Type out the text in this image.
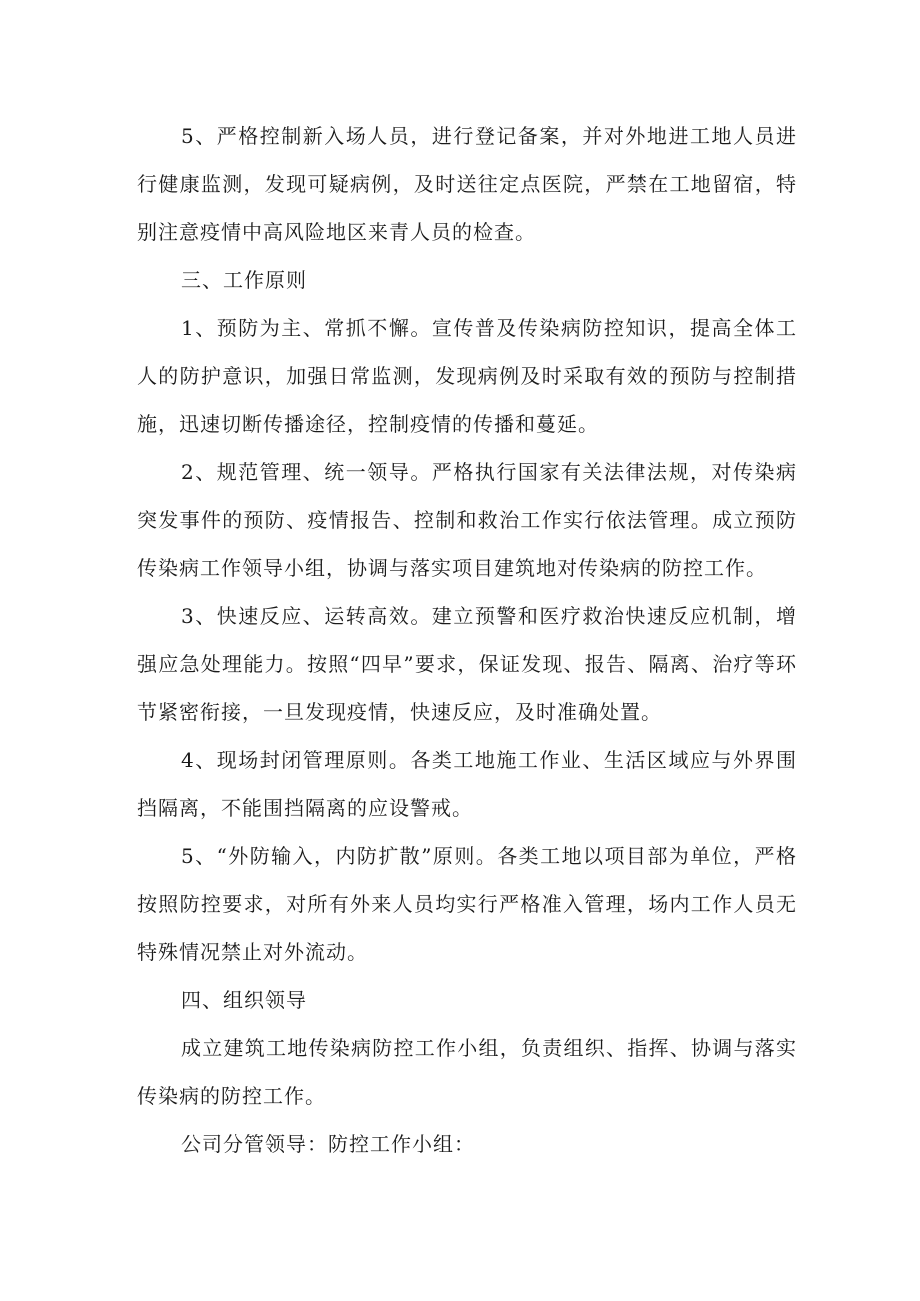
5、严格控制新入场人员，进行登记备案，并对外地进工地人员进行健康监测，发现可疑病例，及时送往定点医院，严禁在工地留宿，特别注意疫情中高风险地区来青人员的检查。

三、工作原则

1、预防为主、常抓不懈。宣传普及传染病防控知识，提高全体工人的防护意识，加强日常监测，发现病例及时采取有效的预防与控制措施，迅速切断传播途径，控制疫情的传播和蔓延。

2、规范管理、统一领导。严格执行国家有关法律法规，对传染病突发事件的预防、疫情报告、控制和救治工作实行依法管理。成立预防传染病工作领导小组，协调与落实项目建筑地对传染病的防控工作。

3、快速反应、运转高效。建立预警和医疗救治快速反应机制，增强应急处理能力。按照“四早”要求，保证发现、报告、隔离、治疗等环节紧密衔接，一旦发现疫情，快速反应，及时准确处置。

4、现场封闭管理原则。各类工地施工作业、生活区域应与外界围挡隔离，不能围挡隔离的应设警戒。

5、“外防输入，内防扩散”原则。各类工地以项目部为单位，严格按照防控要求，对所有外来人员均实行严格准入管理，场内工作人员无特殊情况禁止对外流动。

四、组织领导

成立建筑工地传染病防控工作小组，负责组织、指挥、协调与落实传染病的防控工作。

公司分管领导：防控工作小组：
